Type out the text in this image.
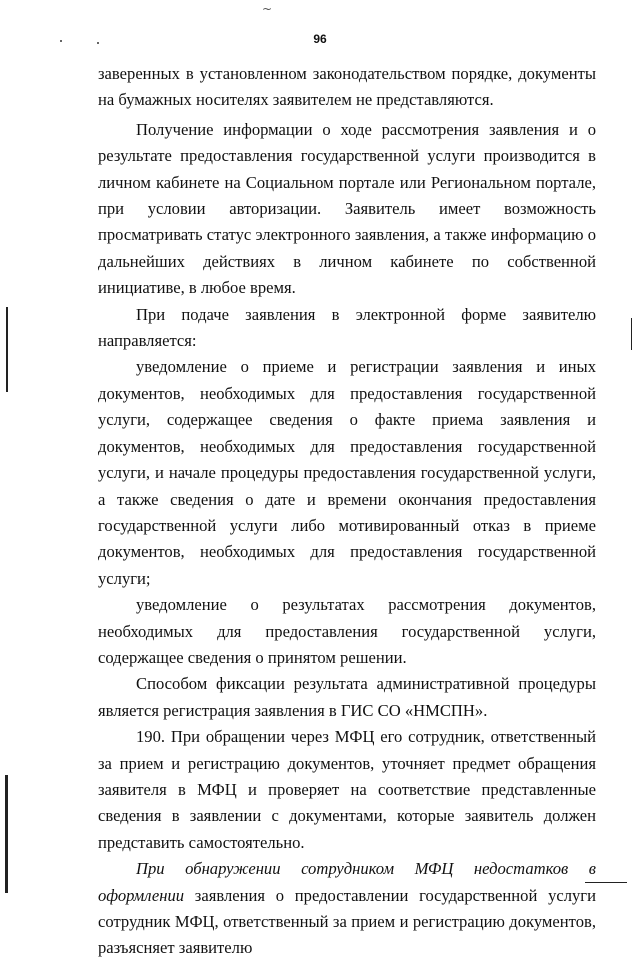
~
96

заверенных в установленном законодательством порядке, документы на бумажных носителях заявителем не представляются.

Получение информации о ходе рассмотрения заявления и о результате предоставления государственной услуги производится в личном кабинете на Социальном портале или Региональном портале, при условии авторизации. Заявитель имеет возможность просматривать статус электронного заявления, а также информацию о дальнейших действиях в личном кабинете по собственной инициативе, в любое время.

При подаче заявления в электронной форме заявителю направляется:

уведомление о приеме и регистрации заявления и иных документов, необходимых для предоставления государственной услуги, содержащее сведения о факте приема заявления и документов, необходимых для предоставления государственной услуги, и начале процедуры предоставления государственной услуги, а также сведения о дате и времени окончания предоставления государственной услуги либо мотивированный отказ в приеме документов, необходимых для предоставления государственной услуги;

уведомление о результатах рассмотрения документов, необходимых для предоставления государственной услуги, содержащее сведения о принятом решении.

Способом фиксации результата административной процедуры является регистрация заявления в ГИС СО «НМСПН».

190. При обращении через МФЦ его сотрудник, ответственный за прием и регистрацию документов, уточняет предмет обращения заявителя в МФЦ и проверяет на соответствие представленные сведения в заявлении с документами, которые заявитель должен представить самостоятельно.

При обнаружении сотрудником МФЦ недостатков в оформлении заявления о предоставлении государственной услуги сотрудник МФЦ, ответственный за прием и регистрацию документов, разъясняет заявителю
